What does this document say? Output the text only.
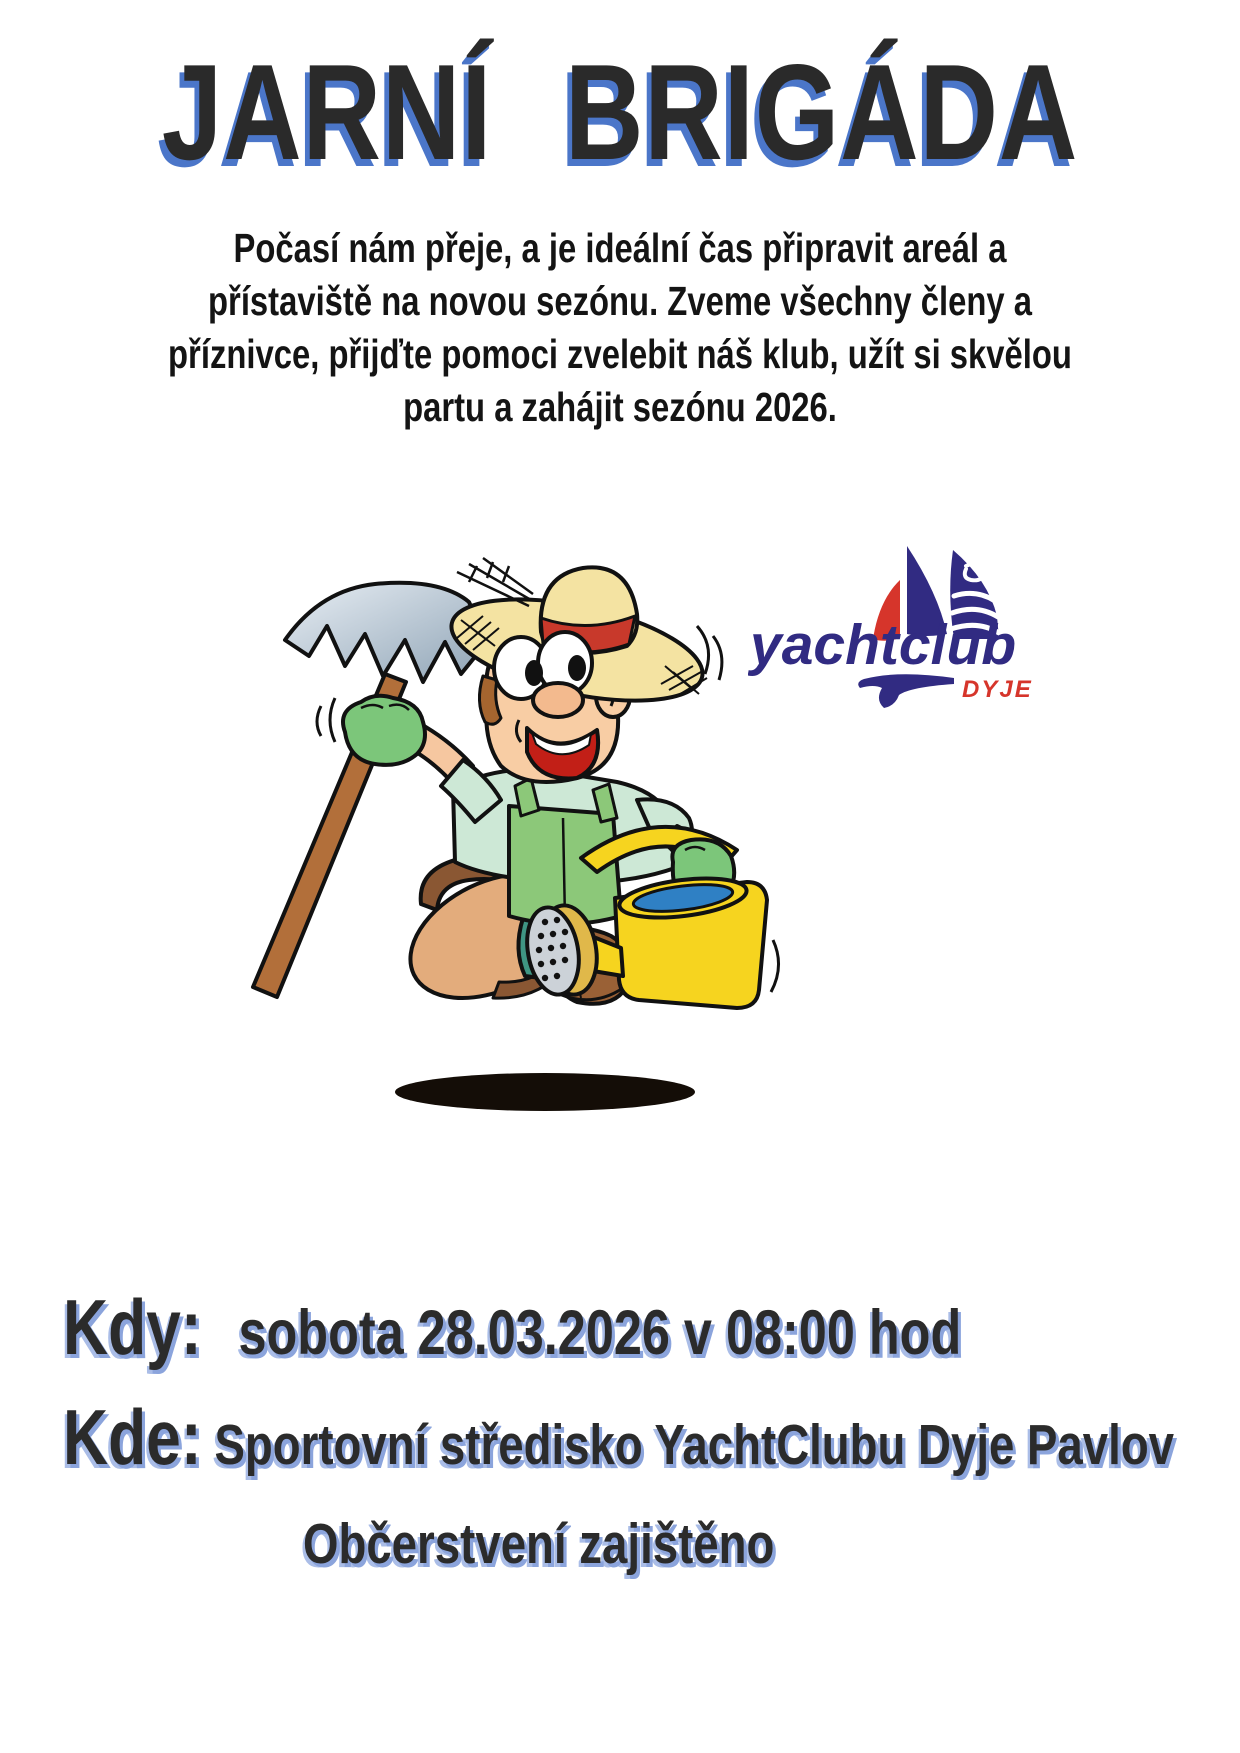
JARNÍ BRIGÁDA
Počasí nám přeje, a je ideální čas připravit areál a
přístaviště na novou sezónu. Zveme všechny členy a
příznivce, přijďte pomoci zvelebit náš klub, užít si skvělou
partu a zahájit sezónu 2026.
yachtclub
DYJE
Kdy: sobota 28.03.2026 v 08:00 hod
Kde: Sportovní středisko YachtClubu Dyje Pavlov
Občerstvení zajištěno
